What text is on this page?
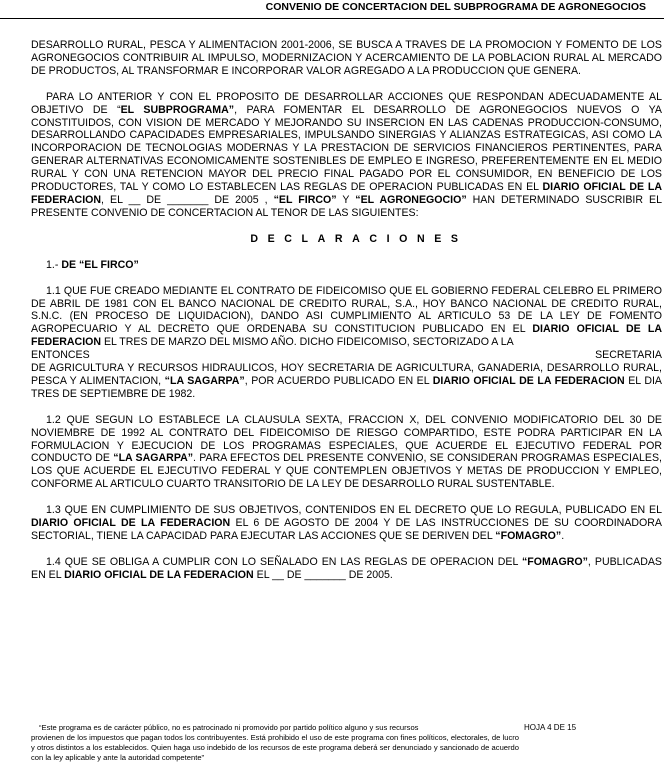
CONVENIO DE CONCERTACION DEL SUBPROGRAMA DE AGRONEGOCIOS

DESARROLLO RURAL, PESCA Y ALIMENTACION 2001-2006, SE BUSCA A TRAVES DE LA PROMOCION Y FOMENTO DE LOS AGRONEGOCIOS CONTRIBUIR AL IMPULSO, MODERNIZACION Y ACERCAMIENTO DE LA POBLACION RURAL AL MERCADO DE PRODUCTOS, AL TRANSFORMAR E INCORPORAR VALOR AGREGADO A LA PRODUCCION QUE GENERA.

PARA LO ANTERIOR Y CON EL PROPOSITO DE DESARROLLAR ACCIONES QUE RESPONDAN ADECUADAMENTE AL OBJETIVO DE “EL SUBPROGRAMA”, PARA FOMENTAR EL DESARROLLO DE AGRONEGOCIOS NUEVOS O YA CONSTITUIDOS, CON VISION DE MERCADO Y MEJORANDO SU INSERCION EN LAS CADENAS PRODUCCION-CONSUMO, DESARROLLANDO CAPACIDADES EMPRESARIALES, IMPULSANDO SINERGIAS Y ALIANZAS ESTRATEGICAS, ASI COMO LA INCORPORACION DE TECNOLOGIAS MODERNAS Y LA PRESTACION DE SERVICIOS FINANCIEROS PERTINENTES, PARA GENERAR ALTERNATIVAS ECONOMICAMENTE SOSTENIBLES DE EMPLEO E INGRESO, PREFERENTEMENTE EN EL MEDIO RURAL Y CON UNA RETENCION MAYOR DEL PRECIO FINAL PAGADO POR EL CONSUMIDOR, EN BENEFICIO DE LOS PRODUCTORES, TAL Y COMO LO ESTABLECEN LAS REGLAS DE OPERACION PUBLICADAS EN EL DIARIO OFICIAL DE LA FEDERACION, EL __ DE _______ DE 2005 , “EL FIRCO” Y “EL AGRONEGOCIO” HAN DETERMINADO SUSCRIBIR EL PRESENTE CONVENIO DE CONCERTACION AL TENOR DE LAS SIGUIENTES:

DECLARACIONES

1.- DE “EL FIRCO”

1.1 QUE FUE CREADO MEDIANTE EL CONTRATO DE FIDEICOMISO QUE EL GOBIERNO FEDERAL CELEBRO EL PRIMERO DE ABRIL DE 1981 CON EL BANCO NACIONAL DE CREDITO RURAL, S.A., HOY BANCO NACIONAL DE CREDITO RURAL, S.N.C. (EN PROCESO DE LIQUIDACION), DANDO ASI CUMPLIMIENTO AL ARTICULO 53 DE LA LEY DE FOMENTO AGROPECUARIO Y AL DECRETO QUE ORDENABA SU CONSTITUCION PUBLICADO EN EL DIARIO OFICIAL DE LA FEDERACION EL TRES DE MARZO DEL MISMO AÑO. DICHO FIDEICOMISO, SECTORIZADO A LA

ENTONCES	SECRETARIA

DE AGRICULTURA Y RECURSOS HIDRAULICOS, HOY SECRETARIA DE AGRICULTURA, GANADERIA, DESARROLLO RURAL, PESCA Y ALIMENTACION, “LA SAGARPA”, POR ACUERDO PUBLICADO EN EL DIARIO OFICIAL DE LA FEDERACION EL DIA TRES DE SEPTIEMBRE DE 1982.

1.2 QUE SEGUN LO ESTABLECE LA CLAUSULA SEXTA, FRACCION X, DEL CONVENIO MODIFICATORIO DEL 30 DE NOVIEMBRE DE 1992 AL CONTRATO DEL FIDEICOMISO DE RIESGO COMPARTIDO, ESTE PODRA PARTICIPAR EN LA FORMULACION Y EJECUCION DE LOS PROGRAMAS ESPECIALES, QUE ACUERDE EL EJECUTIVO FEDERAL POR CONDUCTO DE “LA SAGARPA”. PARA EFECTOS DEL PRESENTE CONVENIO, SE CONSIDERAN PROGRAMAS ESPECIALES, LOS QUE ACUERDE EL EJECUTIVO FEDERAL Y QUE CONTEMPLEN OBJETIVOS Y METAS DE PRODUCCION Y EMPLEO, CONFORME AL ARTICULO CUARTO TRANSITORIO DE LA LEY DE DESARROLLO RURAL SUSTENTABLE.

1.3 QUE EN CUMPLIMIENTO DE SUS OBJETIVOS, CONTENIDOS EN EL DECRETO QUE LO REGULA, PUBLICADO EN EL DIARIO OFICIAL DE LA FEDERACION EL 6 DE AGOSTO DE 2004 Y DE LAS INSTRUCCIONES DE SU COORDINADORA SECTORIAL, TIENE LA CAPACIDAD PARA EJECUTAR LAS ACCIONES QUE SE DERIVEN DEL “FOMAGRO”.

1.4 QUE SE OBLIGA A CUMPLIR CON LO SEÑALADO EN LAS REGLAS DE OPERACION DEL “FOMAGRO”, PUBLICADAS EN EL DIARIO OFICIAL DE LA FEDERACION EL __ DE _______ DE 2005.

“Este programa es de carácter público, no es patrocinado ni promovido por partido político alguno y sus recursos
provienen de los impuestos que pagan todos los contribuyentes. Está prohibido el uso de este programa con fines políticos, electorales, de lucro y otros distintos a los establecidos. Quien haga uso indebido de los recursos de este programa deberá ser denunciado y sancionado de acuerdo con la ley aplicable y ante la autoridad competente”
HOJA 4 DE 15
